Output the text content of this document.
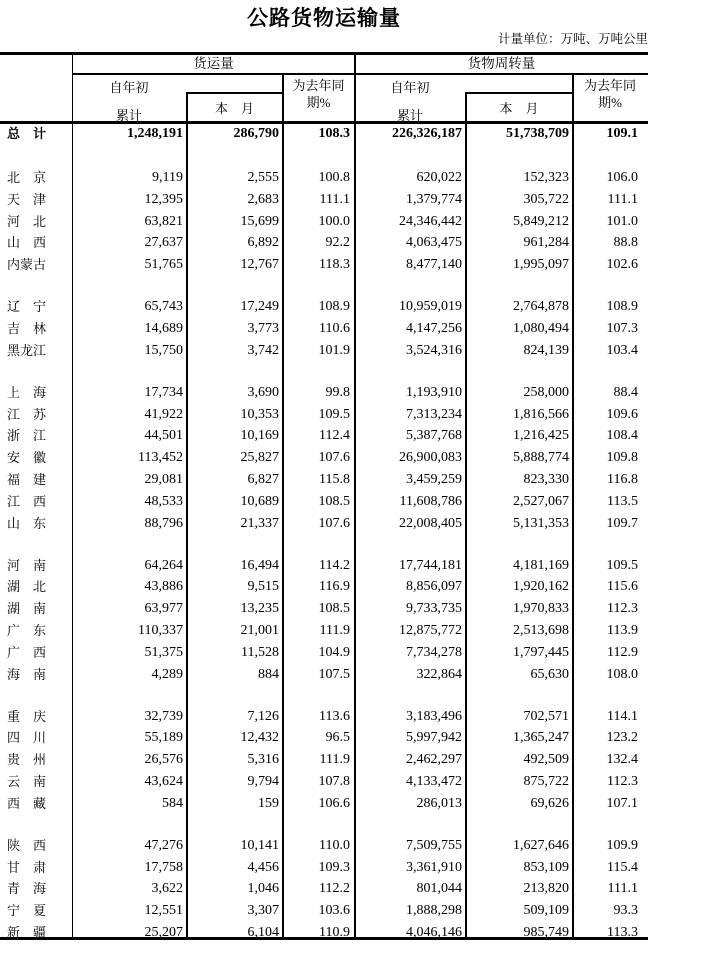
公路货物运输量
计量单位：万吨、万吨公里
货运量	货物周转量
自年初
累计	本　月
为去年同
期%
自年初
累计	本　月
为去年同
期%
总　计	1,248,191	286,790	108.3	226,326,187	51,738,709	109.1
北　京	9,119	2,555	100.8	620,022	152,323	106.0
天　津	12,395	2,683	111.1	1,379,774	305,722	111.1
河　北	63,821	15,699	100.0	24,346,442	5,849,212	101.0
山　西	27,637	6,892	92.2	4,063,475	961,284	88.8
内蒙古	51,765	12,767	118.3	8,477,140	1,995,097	102.6
辽　宁	65,743	17,249	108.9	10,959,019	2,764,878	108.9
吉　林	14,689	3,773	110.6	4,147,256	1,080,494	107.3
黑龙江	15,750	3,742	101.9	3,524,316	824,139	103.4
上　海	17,734	3,690	99.8	1,193,910	258,000	88.4
江　苏	41,922	10,353	109.5	7,313,234	1,816,566	109.6
浙　江	44,501	10,169	112.4	5,387,768	1,216,425	108.4
安　徽	113,452	25,827	107.6	26,900,083	5,888,774	109.8
福　建	29,081	6,827	115.8	3,459,259	823,330	116.8
江　西	48,533	10,689	108.5	11,608,786	2,527,067	113.5
山　东	88,796	21,337	107.6	22,008,405	5,131,353	109.7
河　南	64,264	16,494	114.2	17,744,181	4,181,169	109.5
湖　北	43,886	9,515	116.9	8,856,097	1,920,162	115.6
湖　南	63,977	13,235	108.5	9,733,735	1,970,833	112.3
广　东	110,337	21,001	111.9	12,875,772	2,513,698	113.9
广　西	51,375	11,528	104.9	7,734,278	1,797,445	112.9
海　南	4,289	884	107.5	322,864	65,630	108.0
重　庆	32,739	7,126	113.6	3,183,496	702,571	114.1
四　川	55,189	12,432	96.5	5,997,942	1,365,247	123.2
贵　州	26,576	5,316	111.9	2,462,297	492,509	132.4
云　南	43,624	9,794	107.8	4,133,472	875,722	112.3
西　藏	584	159	106.6	286,013	69,626	107.1
陕　西	47,276	10,141	110.0	7,509,755	1,627,646	109.9
甘　肃	17,758	4,456	109.3	3,361,910	853,109	115.4
青　海	3,622	1,046	112.2	801,044	213,820	111.1
宁　夏	12,551	3,307	103.6	1,888,298	509,109	93.3
新　疆	25,207	6,104	110.9	4,046,146	985,749	113.3
